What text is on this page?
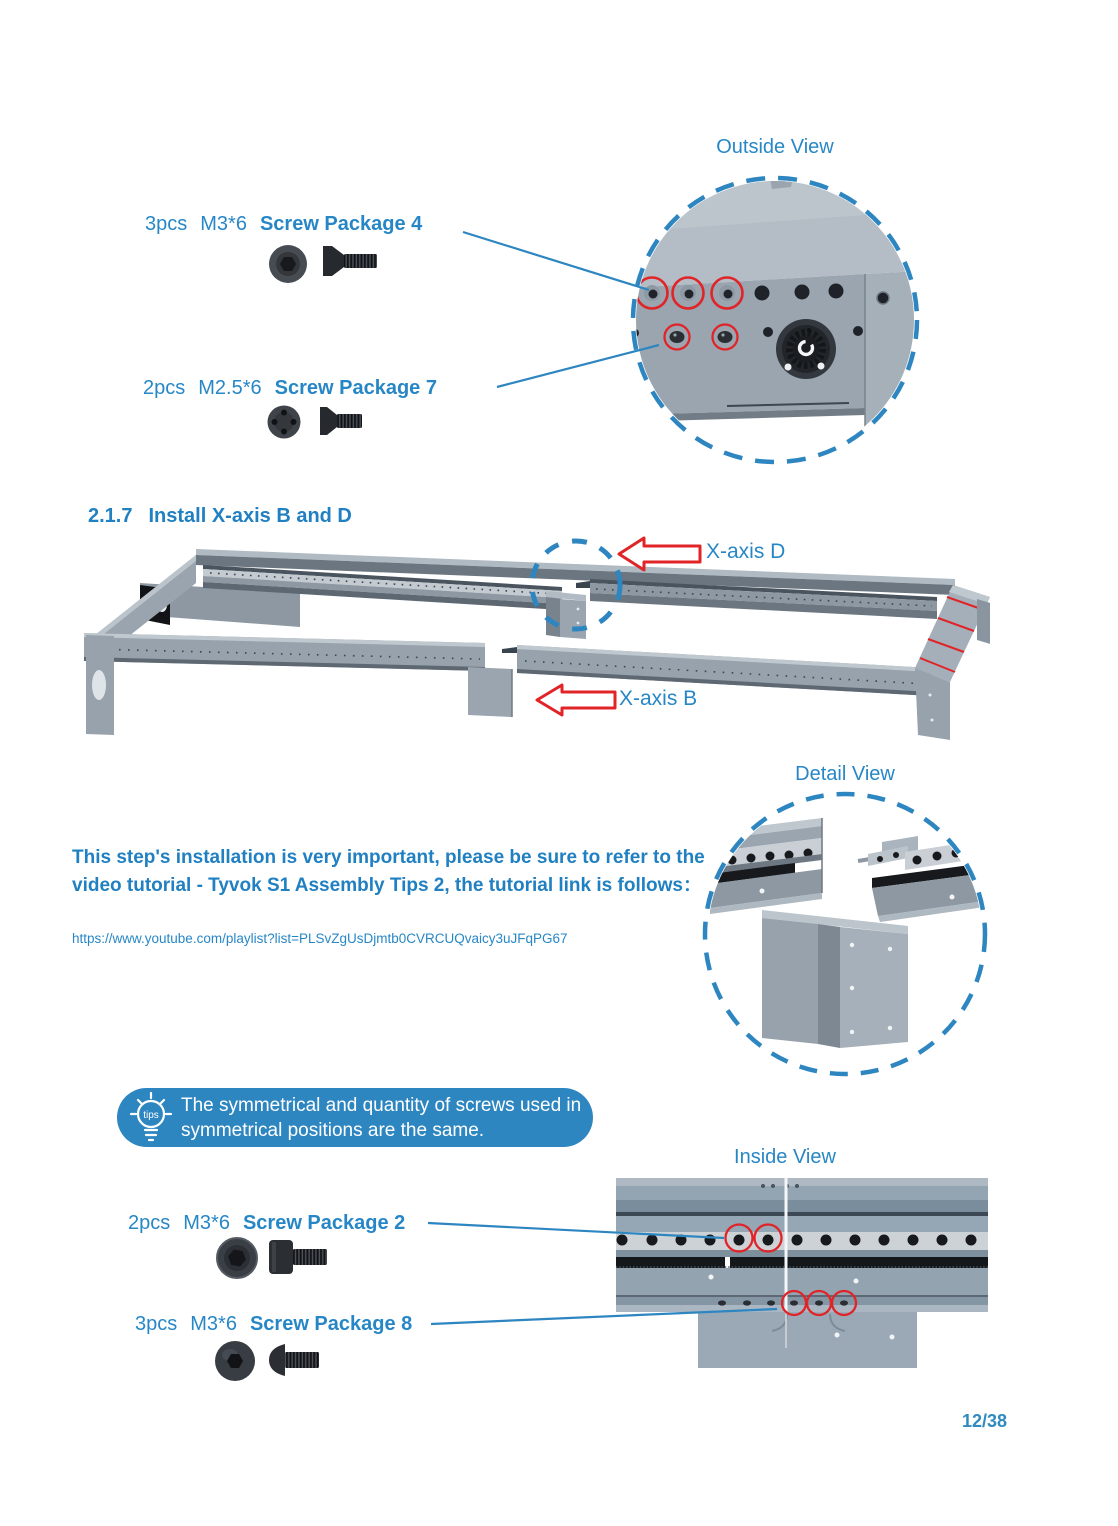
Outside View
3pcs M3*6 Screw Package 4
2pcs M2.5*6 Screw Package 7
2.1.7 Install X-axis B and D
X-axis D
X-axis B
Detail View
This step's installation is very important, please be sure to refer to the video tutorial - Tyvok S1 Assembly Tips 2, the tutorial link is follows：
https://www.youtube.com/playlist?list=PLSvZgUsDjmtb0CVRCUQvaicy3uJFqPG67
tips The symmetrical and quantity of screws used in symmetrical positions are the same.
Inside View
2pcs M3*6 Screw Package 2
3pcs M3*6 Screw Package 8
12/38
